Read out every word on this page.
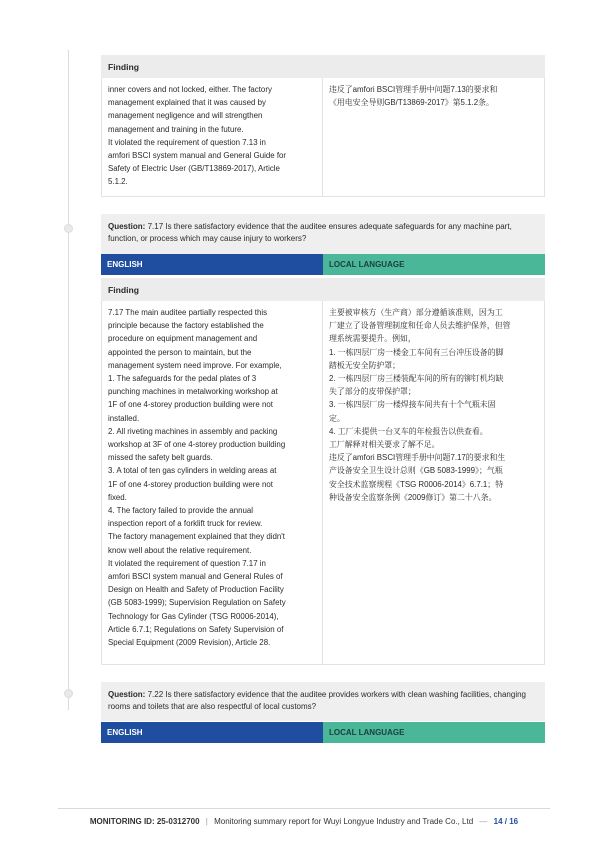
Finding
inner covers and not locked, either. The factory
management explained that it was caused by
management negligence and will strengthen
management and training in the future.
It violated the requirement of question 7.13 in
amfori BSCI system manual and General Guide for
Safety of Electric User (GB/T13869-2017), Article
5.1.2.
违反了amfori BSCI管理手册中问题7.13的要求和
《用电安全导则GB/T13869-2017》第5.1.2条。
Question: 7.17 Is there satisfactory evidence that the auditee ensures adequate safeguards for any machine part, function, or process which may cause injury to workers?
ENGLISH	LOCAL LANGUAGE
Finding
7.17 The main auditee partially respected this
principle because the factory established the
procedure on equipment management and
appointed the person to maintain, but the
management system need improve. For example,
1. The safeguards for the pedal plates of 3
punching machines in metalworking workshop at
1F of one 4-storey production building were not
installed.
2. All riveting machines in assembly and packing
workshop at 3F of one 4-storey production building
missed the safety belt guards.
3. A total of ten gas cylinders in welding areas at
1F of one 4-storey production building were not
fixed.
4. The factory failed to provide the annual
inspection report of a forklift truck for review.
The factory management explained that they didn't
know well about the relative requirement.
It violated the requirement of question 7.17 in
amfori BSCI system manual and General Rules of
Design on Health and Safety of Production Facility
(GB 5083-1999); Supervision Regulation on Safety
Technology for Gas Cylinder (TSG R0006-2014),
Article 6.7.1; Regulations on Safety Supervision of
Special Equipment (2009 Revision), Article 28.
主要被审核方（生产商）部分遵循该准则，因为工
厂建立了设备管理制度和任命人员去维护保养，但管
理系统需要提升。例如，
1. 一栋四层厂房一楼金工车间有三台冲压设备的脚
踏板无安全防护罩；
2. 一栋四层厂房三楼装配车间的所有的铆钉机均缺
失了部分的皮带保护罩；
3. 一栋四层厂房一楼焊接车间共有十个气瓶未固
定。
4. 工厂未提供一台叉车的年检报告以供查看。
工厂解释对相关要求了解不足。
违反了amfori BSCI管理手册中问题7.17的要求和生
产设备安全卫生设计总则《GB 5083-1999》；气瓶
安全技术监察规程《TSG R0006-2014》6.7.1；特
种设备安全监察条例《2009修订》第二十八条。
Question: 7.22 Is there satisfactory evidence that the auditee provides workers with clean washing facilities, changing rooms and toilets that are also respectful of local customs?
ENGLISH	LOCAL LANGUAGE
MONITORING ID: 25-0312700 | Monitoring summary report for Wuyi Longyue Industry and Trade Co., Ltd — 14 / 16
